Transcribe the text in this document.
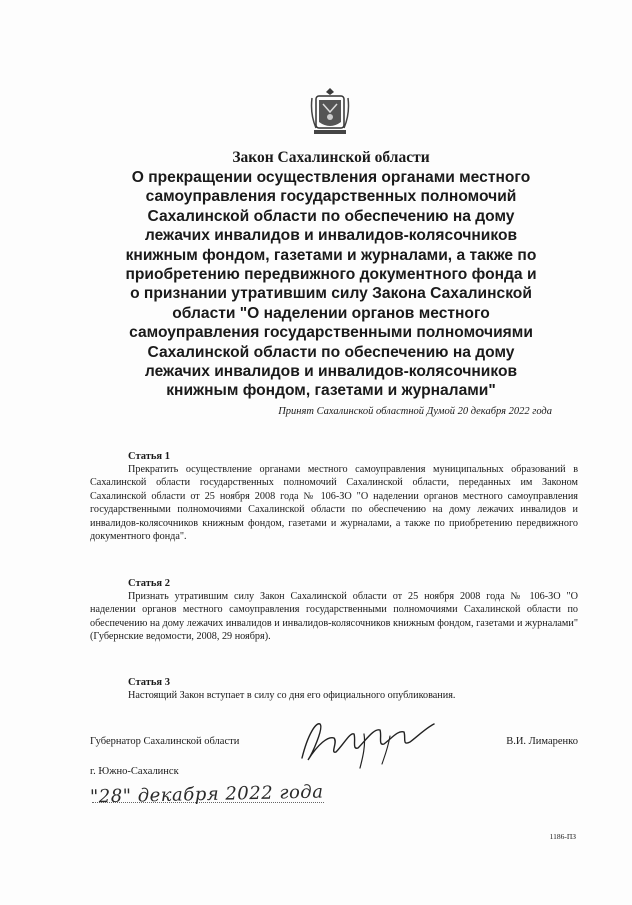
Закон Сахалинской области
О прекращении осуществления органами местного
самоуправления государственных полномочий
Сахалинской области по обеспечению на дому
лежачих инвалидов и инвалидов-колясочников
книжным фондом, газетами и журналами, а также по
приобретению передвижного документного фонда и
о признании утратившим силу Закона Сахалинской
области "О наделении органов местного
самоуправления государственными полномочиями
Сахалинской области по обеспечению на дому
лежачих инвалидов и инвалидов-колясочников
книжным фондом, газетами и журналами"
Принят Сахалинской областной Думой 20 декабря 2022 года
Статья 1

Прекратить осуществление органами местного самоуправления муниципальных образований в Сахалинской области государственных полномочий Сахалинской области, переданных им Законом Сахалинской области от 25 ноября 2008 года № 106-ЗО "О наделении органов местного самоуправления государственными полномочиями Сахалинской области по обеспечению на дому лежачих инвалидов и инвалидов-колясочников книжным фондом, газетами и журналами, а также по приобретению передвижного документного фонда".

Статья 2

Признать утратившим силу Закон Сахалинской области от 25 ноября 2008 года № 106-ЗО "О наделении органов местного самоуправления государственными полномочиями Сахалинской области по обеспечению на дому лежачих инвалидов и инвалидов-колясочников книжным фондом, газетами и журналами" (Губернские ведомости, 2008, 29 ноября).

Статья 3

Настоящий Закон вступает в силу со дня его официального опубликования.

Губернатор Сахалинской области	В.И. Лимаренко
г. Южно-Сахалинск
"28" декабря 2022 года
1186-ПЗ
